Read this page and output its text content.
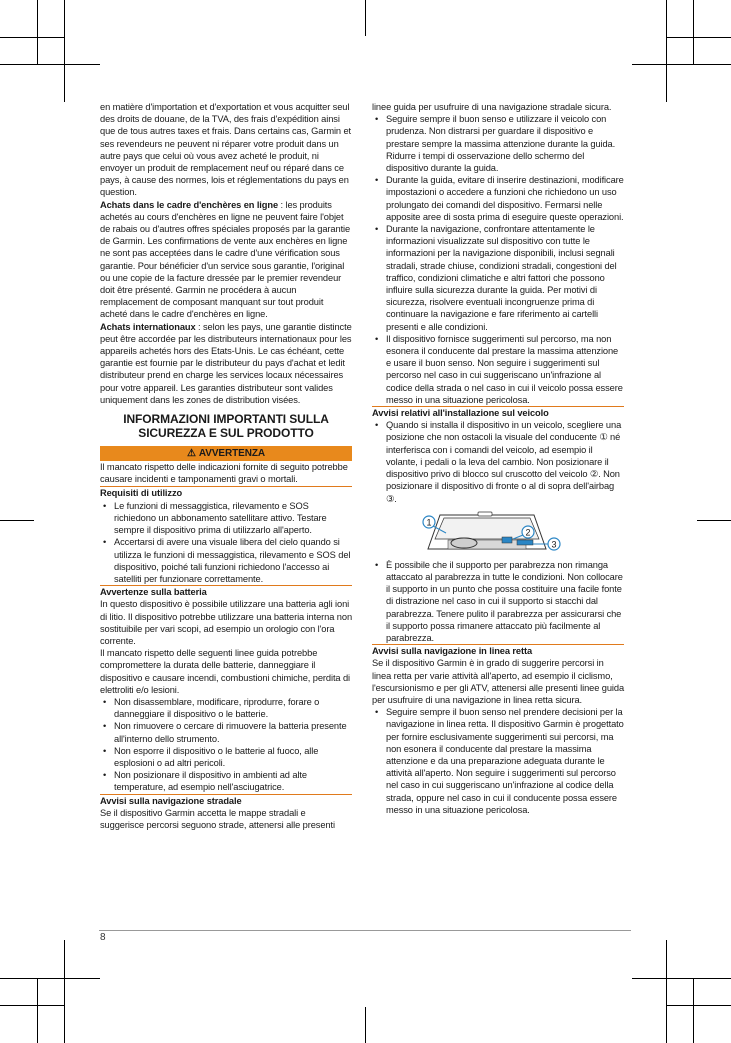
en matière d'importation et d'exportation et vous acquitter seul des droits de douane, de la TVA, des frais d'expédition ainsi que de tous autres taxes et frais. Dans certains cas, Garmin et ses revendeurs ne peuvent ni réparer votre produit dans un autre pays que celui où vous avez acheté le produit, ni envoyer un produit de remplacement neuf ou réparé dans ce pays, à cause des normes, lois et réglementations du pays en question.

Achats dans le cadre d'enchères en ligne : les produits achetés au cours d'enchères en ligne ne peuvent faire l'objet de rabais ou d'autres offres spéciales proposés par la garantie de Garmin. Les confirmations de vente aux enchères en ligne ne sont pas acceptées dans le cadre d'une vérification sous garantie. Pour bénéficier d'un service sous garantie, l'original ou une copie de la facture dressée par le premier revendeur doit être présenté. Garmin ne procédera à aucun remplacement de composant manquant sur tout produit acheté dans le cadre d'enchères en ligne.

Achats internationaux : selon les pays, une garantie distincte peut être accordée par les distributeurs internationaux pour les appareils achetés hors des Etats-Unis. Le cas échéant, cette garantie est fournie par le distributeur du pays d'achat et ledit distributeur prend en charge les services locaux nécessaires pour votre appareil. Les garanties distributeur sont valides uniquement dans les zones de distribution visées.

INFORMAZIONI IMPORTANTI SULLA SICUREZZA E SUL PRODOTTO
⚠ AVVERTENZA

Il mancato rispetto delle indicazioni fornite di seguito potrebbe causare incidenti e tamponamenti gravi o mortali.

Requisiti di utilizzo

• Le funzioni di messaggistica, rilevamento e SOS richiedono un abbonamento satellitare attivo. Testare sempre il dispositivo prima di utilizzarlo all'aperto.
• Accertarsi di avere una visuale libera del cielo quando si utilizza le funzioni di messaggistica, rilevamento e SOS del dispositivo, poiché tali funzioni richiedono l'accesso ai satelliti per funzionare correttamente.

Avvertenze sulla batteria

In questo dispositivo è possibile utilizzare una batteria agli ioni di litio. Il dispositivo potrebbe utilizzare una batteria interna non sostituibile per vari scopi, ad esempio un orologio con l'ora corrente.

Il mancato rispetto delle seguenti linee guida potrebbe compromettere la durata delle batterie, danneggiare il dispositivo e causare incendi, combustioni chimiche, perdita di elettroliti e/o lesioni.

• Non disassemblare, modificare, riprodurre, forare o danneggiare il dispositivo o le batterie.
• Non rimuovere o cercare di rimuovere la batteria presente all'interno dello strumento.
• Non esporre il dispositivo o le batterie al fuoco, alle esplosioni o ad altri pericoli.
• Non posizionare il dispositivo in ambienti ad alte temperature, ad esempio nell'asciugatrice.

Avvisi sulla navigazione stradale

Se il dispositivo Garmin accetta le mappe stradali e suggerisce percorsi seguono strade, attenersi alle presenti

linee guida per usufruire di una navigazione stradale sicura.

• Seguire sempre il buon senso e utilizzare il veicolo con prudenza. Non distrarsi per guardare il dispositivo e prestare sempre la massima attenzione durante la guida. Ridurre i tempi di osservazione dello schermo del dispositivo durante la guida.
• Durante la guida, evitare di inserire destinazioni, modificare impostazioni o accedere a funzioni che richiedono un uso prolungato dei comandi del dispositivo. Fermarsi nelle apposite aree di sosta prima di eseguire queste operazioni.
• Durante la navigazione, confrontare attentamente le informazioni visualizzate sul dispositivo con tutte le informazioni per la navigazione disponibili, inclusi segnali stradali, strade chiuse, condizioni stradali, congestioni del traffico, condizioni climatiche e altri fattori che possono influire sulla sicurezza durante la guida. Per motivi di sicurezza, risolvere eventuali incongruenze prima di continuare la navigazione e fare riferimento ai cartelli presenti e alle condizioni.
• Il dispositivo fornisce suggerimenti sul percorso, ma non esonera il conducente dal prestare la massima attenzione e usare il buon senso. Non seguire i suggerimenti sul percorso nel caso in cui suggeriscano un'infrazione al codice della strada o nel caso in cui il veicolo possa essere messo in una situazione pericolosa.

Avvisi relativi all'installazione sul veicolo

• Quando si installa il dispositivo in un veicolo, scegliere una posizione che non ostacoli la visuale del conducente ① né interferisca con i comandi del veicolo, ad esempio il volante, i pedali o la leva del cambio. Non posizionare il dispositivo privo di blocco sul cruscotto del veicolo ②. Non posizionare il dispositivo di fronte o al di sopra dell'airbag ③.
1
2
3
• È possibile che il supporto per parabrezza non rimanga attaccato al parabrezza in tutte le condizioni. Non collocare il supporto in un punto che possa costituire una facile fonte di distrazione nel caso in cui il supporto si stacchi dal parabrezza. Tenere pulito il parabrezza per assicurarsi che il supporto possa rimanere attaccato più facilmente al parabrezza.

Avvisi sulla navigazione in linea retta

Se il dispositivo Garmin è in grado di suggerire percorsi in linea retta per varie attività all'aperto, ad esempio il ciclismo, l'escursionismo e per gli ATV, attenersi alle presenti linee guida per usufruire di una navigazione in linea retta sicura.

• Seguire sempre il buon senso nel prendere decisioni per la navigazione in linea retta. Il dispositivo Garmin è progettato per fornire esclusivamente suggerimenti sui percorsi, ma non esonera il conducente dal prestare la massima attenzione e da una preparazione adeguata durante le attività all'aperto. Non seguire i suggerimenti sul percorso nel caso in cui suggeriscano un'infrazione al codice della strada, oppure nel caso in cui il conducente possa essere messo in una situazione pericolosa.
8
